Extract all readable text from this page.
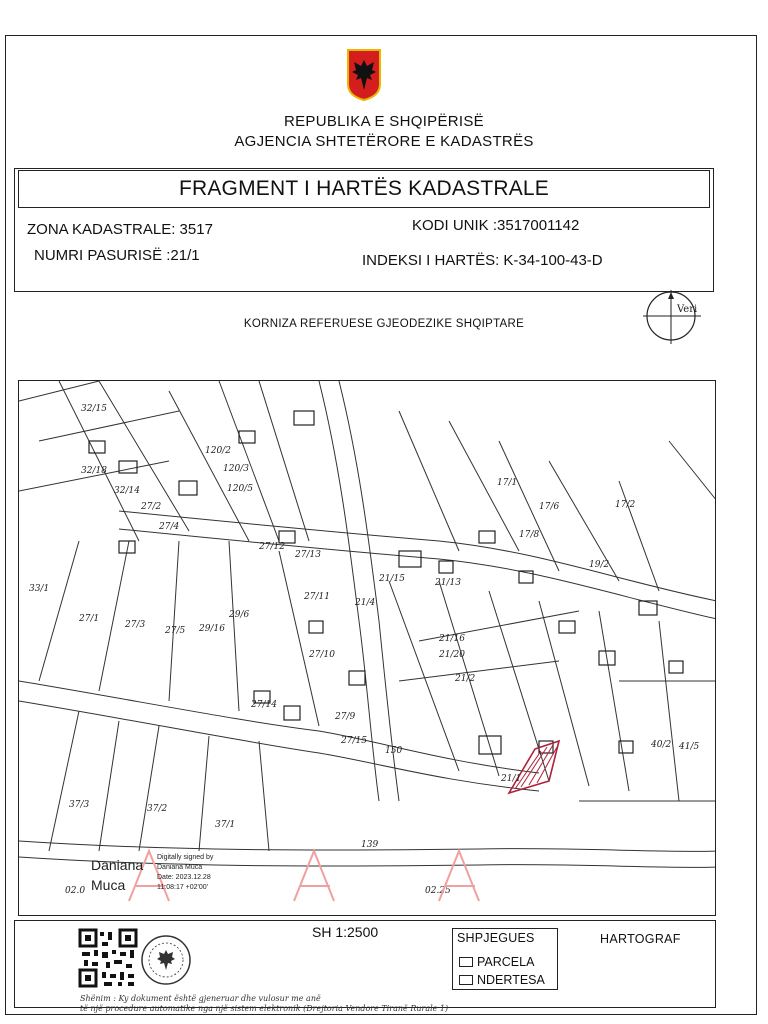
REPUBLIKA E SHQIPËRISË
AGJENCIA SHTETËRORE E KADASTRËS
FRAGMENT I HARTËS KADASTRALE
ZONA KADASTRALE: 3517	KODI UNIK :3517001142
NUMRI PASURISË :21/1	INDEKSI I HARTËS: K-34-100-43-D
KORNIZA REFERUESE GJEODEZIKE SHQIPTARE
Veri
32/15
32/18
32/14
27/2
27/4
120/2
120/3
120/5
27/1
27/3
27/5
29/6
29/16
27/12
27/13
27/11
27/10
27/9
27/15
27/14
21/15	21/13
21/4
21/16
21/20
21/1
21/2
17/1
17/6
17/8
19/2
17/2
33/1
37/1
37/2
37/3
40/2 41/5
139
150
02.0	02.25
Daniana
Muca
Digitally signed by
Daniana Muca
Date: 2023.12.28
11:08:17 +02'00'
SH 1:2500	SHPJEGUES
PARCELA
NDERTESA
HARTOGRAF
Shënim : Ky dokument është gjeneruar dhe vulosur me anë
të një procedure automatike nga një sistem elektronik (Drejtoria Vendore Tiranë Rurale 1)
